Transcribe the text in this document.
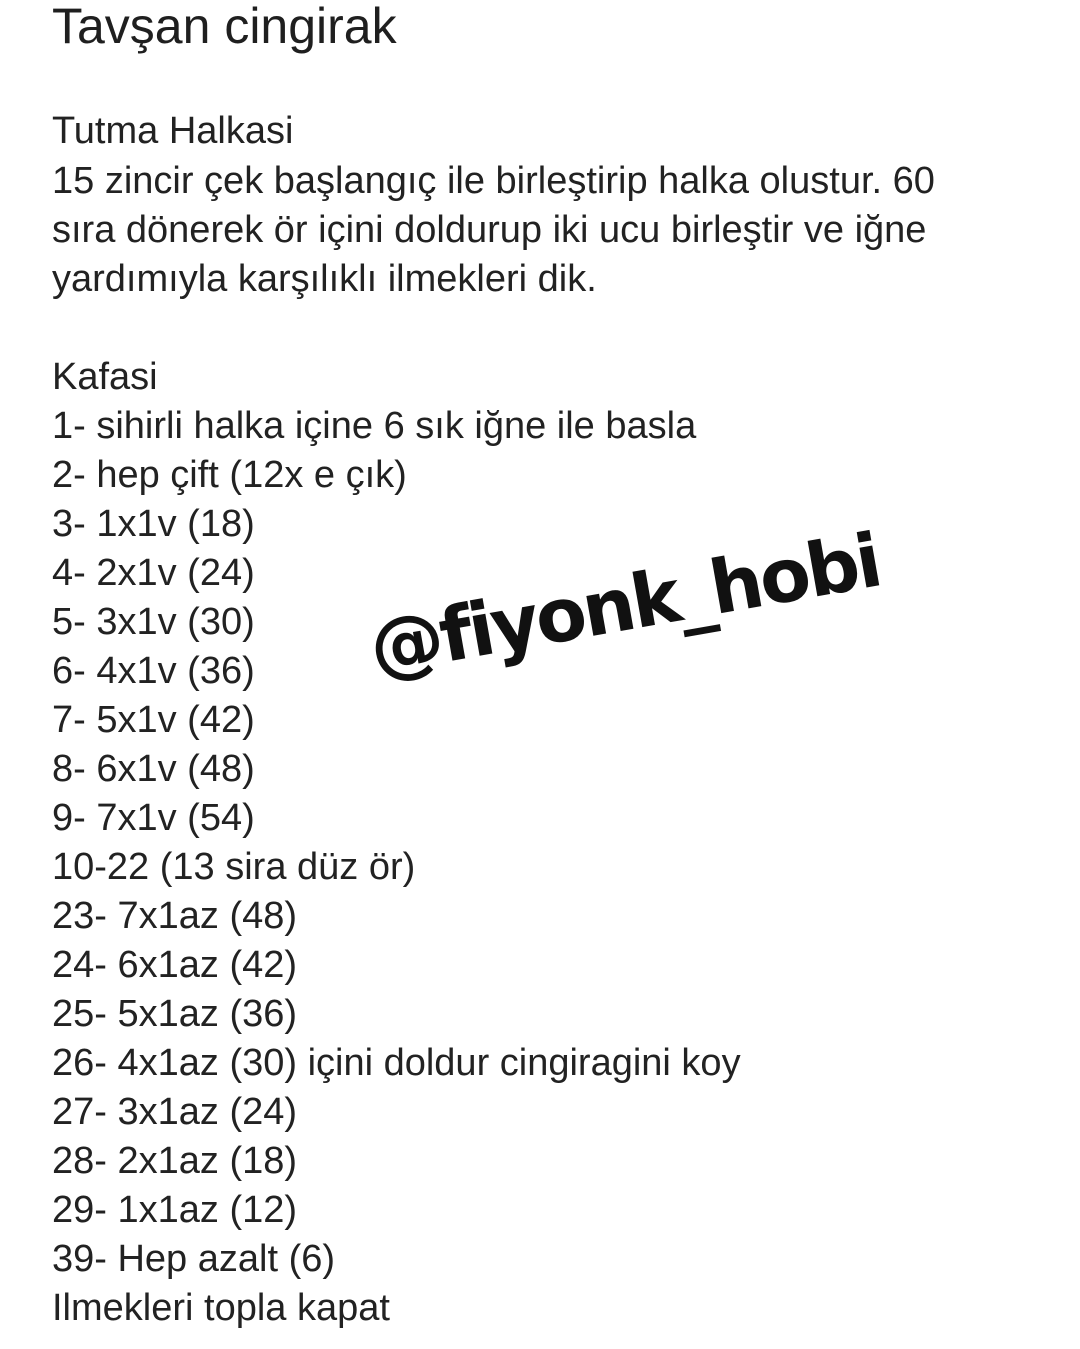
Tavşan cingirak
Tutma Halkasi
15 zincir çek başlangıç ile birleştirip halka olustur. 60
sıra dönerek ör içini doldurup iki ucu birleştir ve iğne
yardımıyla karşılıklı ilmekleri dik.
Kafasi
1- sihirli halka içine 6 sık iğne ile basla
2- hep çift (12x e çık)
3- 1x1v (18)
4- 2x1v (24)
5- 3x1v (30)
6- 4x1v (36)
7- 5x1v (42)
8- 6x1v (48)
9- 7x1v (54)
10-22 (13 sira düz ör)
23- 7x1az (48)
24- 6x1az (42)
25- 5x1az (36)
26- 4x1az (30) içini doldur cingiragini koy
27- 3x1az (24)
28- 2x1az (18)
29- 1x1az (12)
39- Hep azalt (6)
Ilmekleri topla kapat
@fiyonk_hobi
